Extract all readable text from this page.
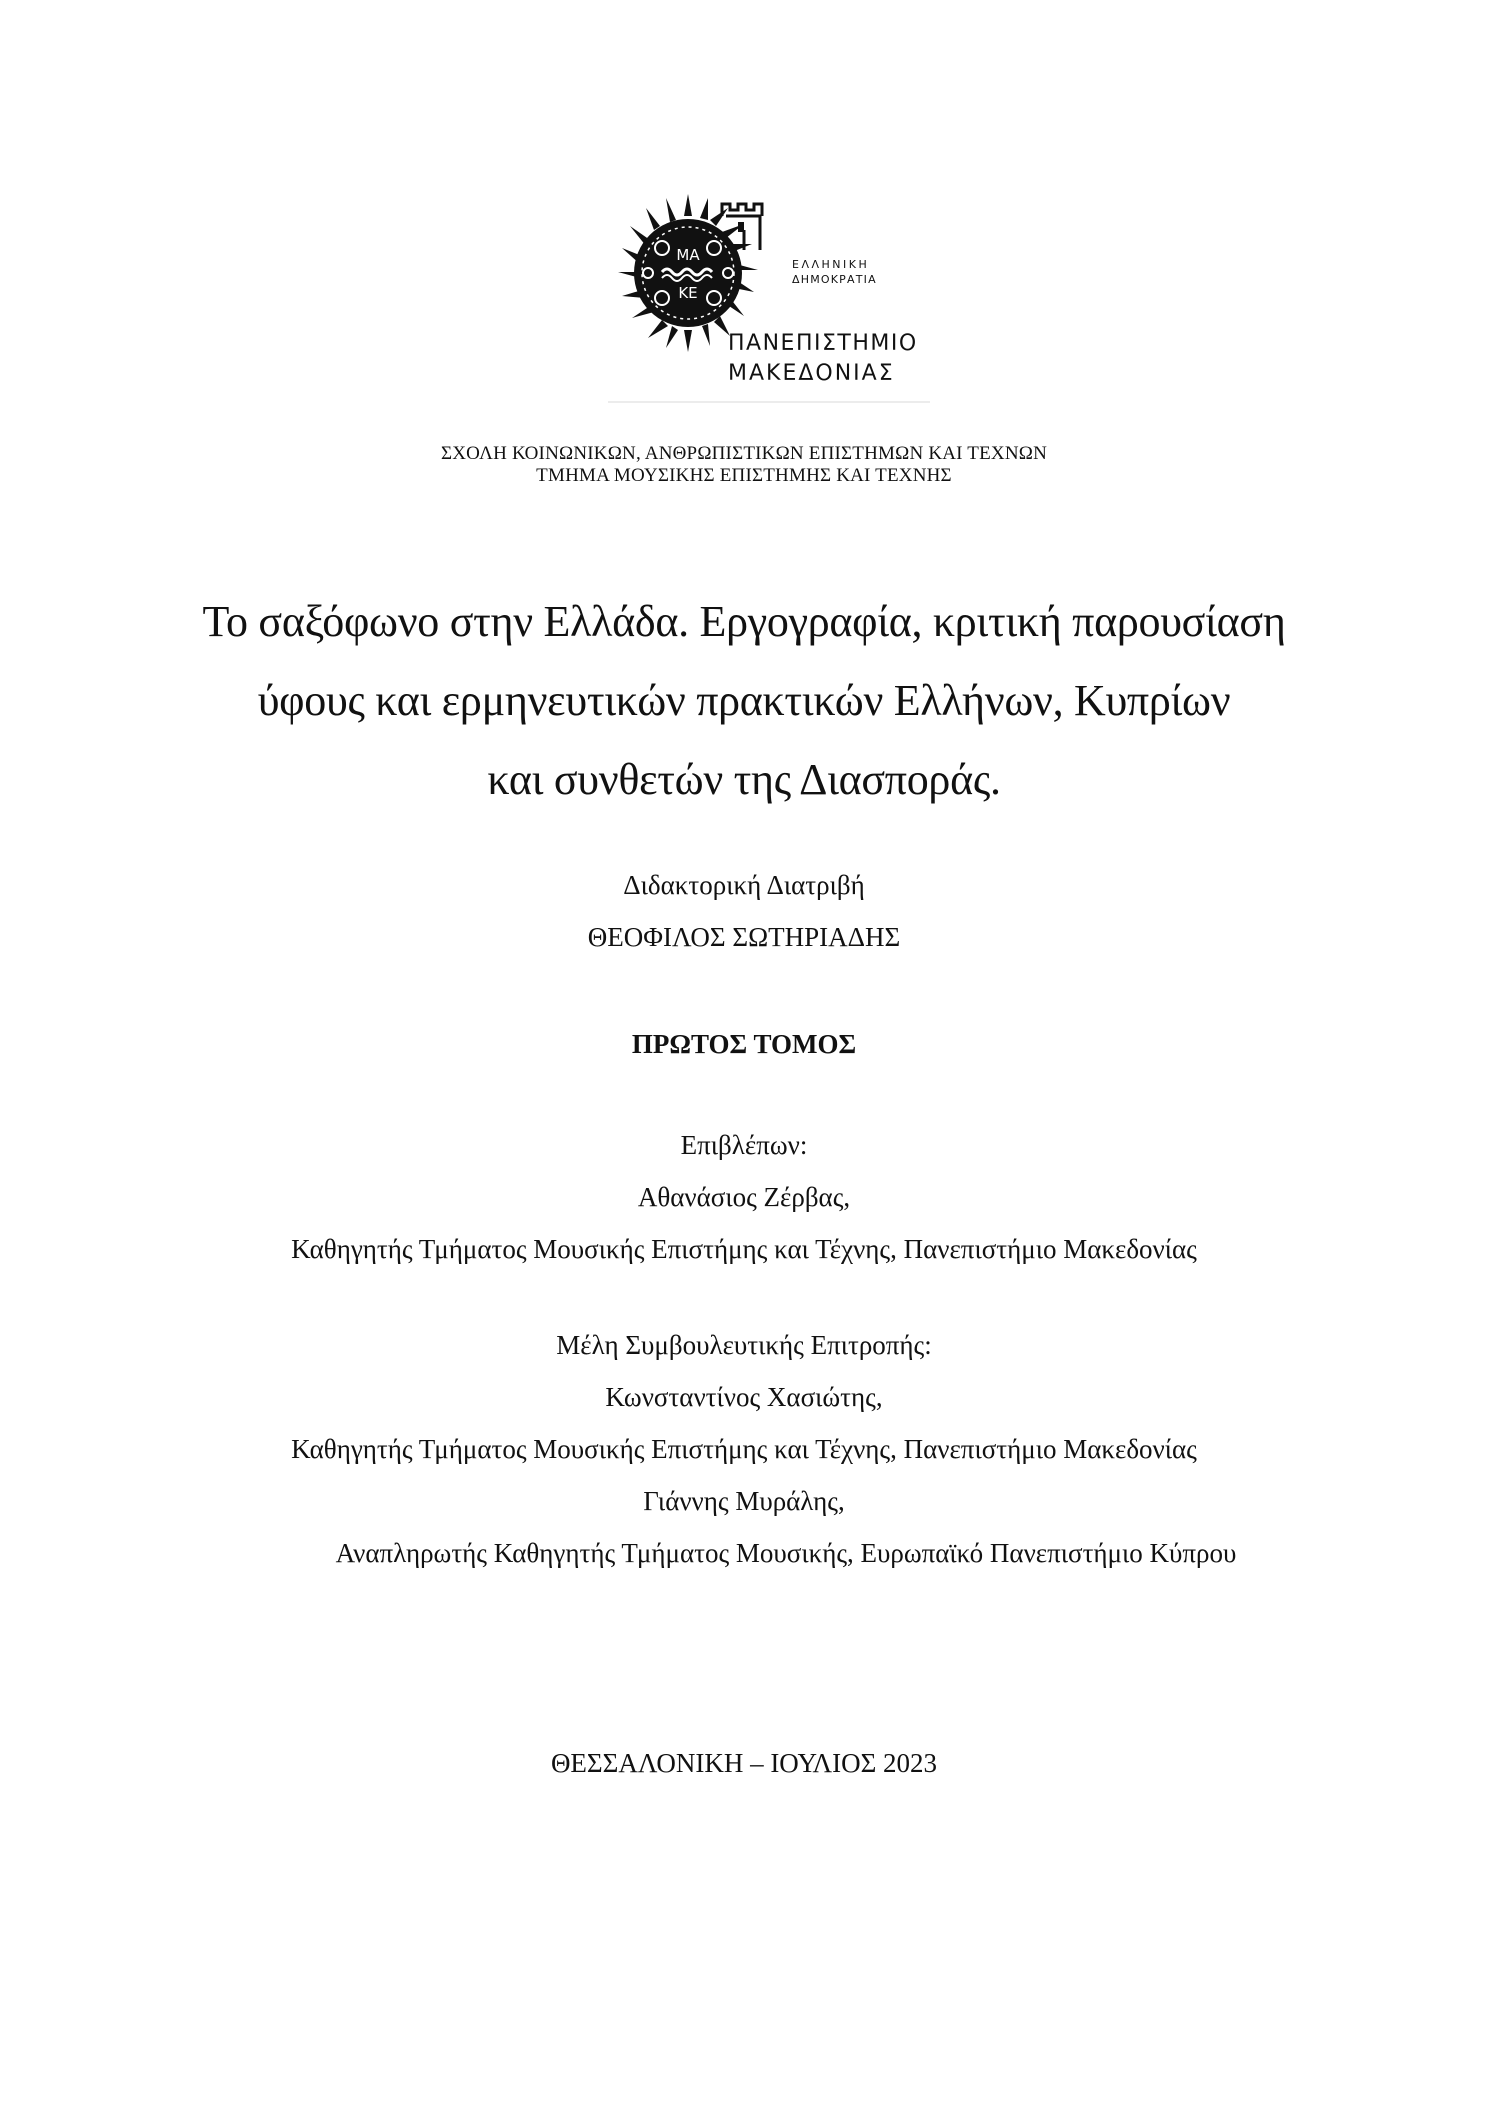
ΜΑ
ΚΕ
ΕΛΛΗΝΙΚΗ
ΔΗΜΟΚΡΑΤΙΑ
ΠΑΝΕΠΙΣΤΗΜΙΟ
ΜΑΚΕΔΟΝΙΑΣ
ΣΧΟΛΗ ΚΟΙΝΩΝΙΚΩΝ, ΑΝΘΡΩΠΙΣΤΙΚΩΝ ΕΠΙΣΤΗΜΩΝ ΚΑΙ ΤΕΧΝΩΝ
ΤΜΗΜΑ ΜΟΥΣΙΚΗΣ ΕΠΙΣΤΗΜΗΣ ΚΑΙ ΤΕΧΝΗΣ
Το σαξόφωνο στην Ελλάδα. Εργογραφία, κριτική παρουσίαση
ύφους και ερμηνευτικών πρακτικών Ελλήνων, Κυπρίων
και συνθετών της Διασποράς.
Διδακτορική Διατριβή
ΘΕΟΦΙΛΟΣ ΣΩΤΗΡΙΑΔΗΣ
ΠΡΩΤΟΣ ΤΟΜΟΣ
Επιβλέπων:
Αθανάσιος Ζέρβας,
Καθηγητής Τμήματος Μουσικής Επιστήμης και Τέχνης, Πανεπιστήμιο Μακεδονίας
Μέλη Συμβουλευτικής Επιτροπής:
Κωνσταντίνος Χασιώτης,
Καθηγητής Τμήματος Μουσικής Επιστήμης και Τέχνης, Πανεπιστήμιο Μακεδονίας
Γιάννης Μυράλης,
Αναπληρωτής Καθηγητής Τμήματος Μουσικής, Ευρωπαϊκό Πανεπιστήμιο Κύπρου
ΘΕΣΣΑΛΟΝΙΚΗ – ΙΟΥΛΙΟΣ 2023
